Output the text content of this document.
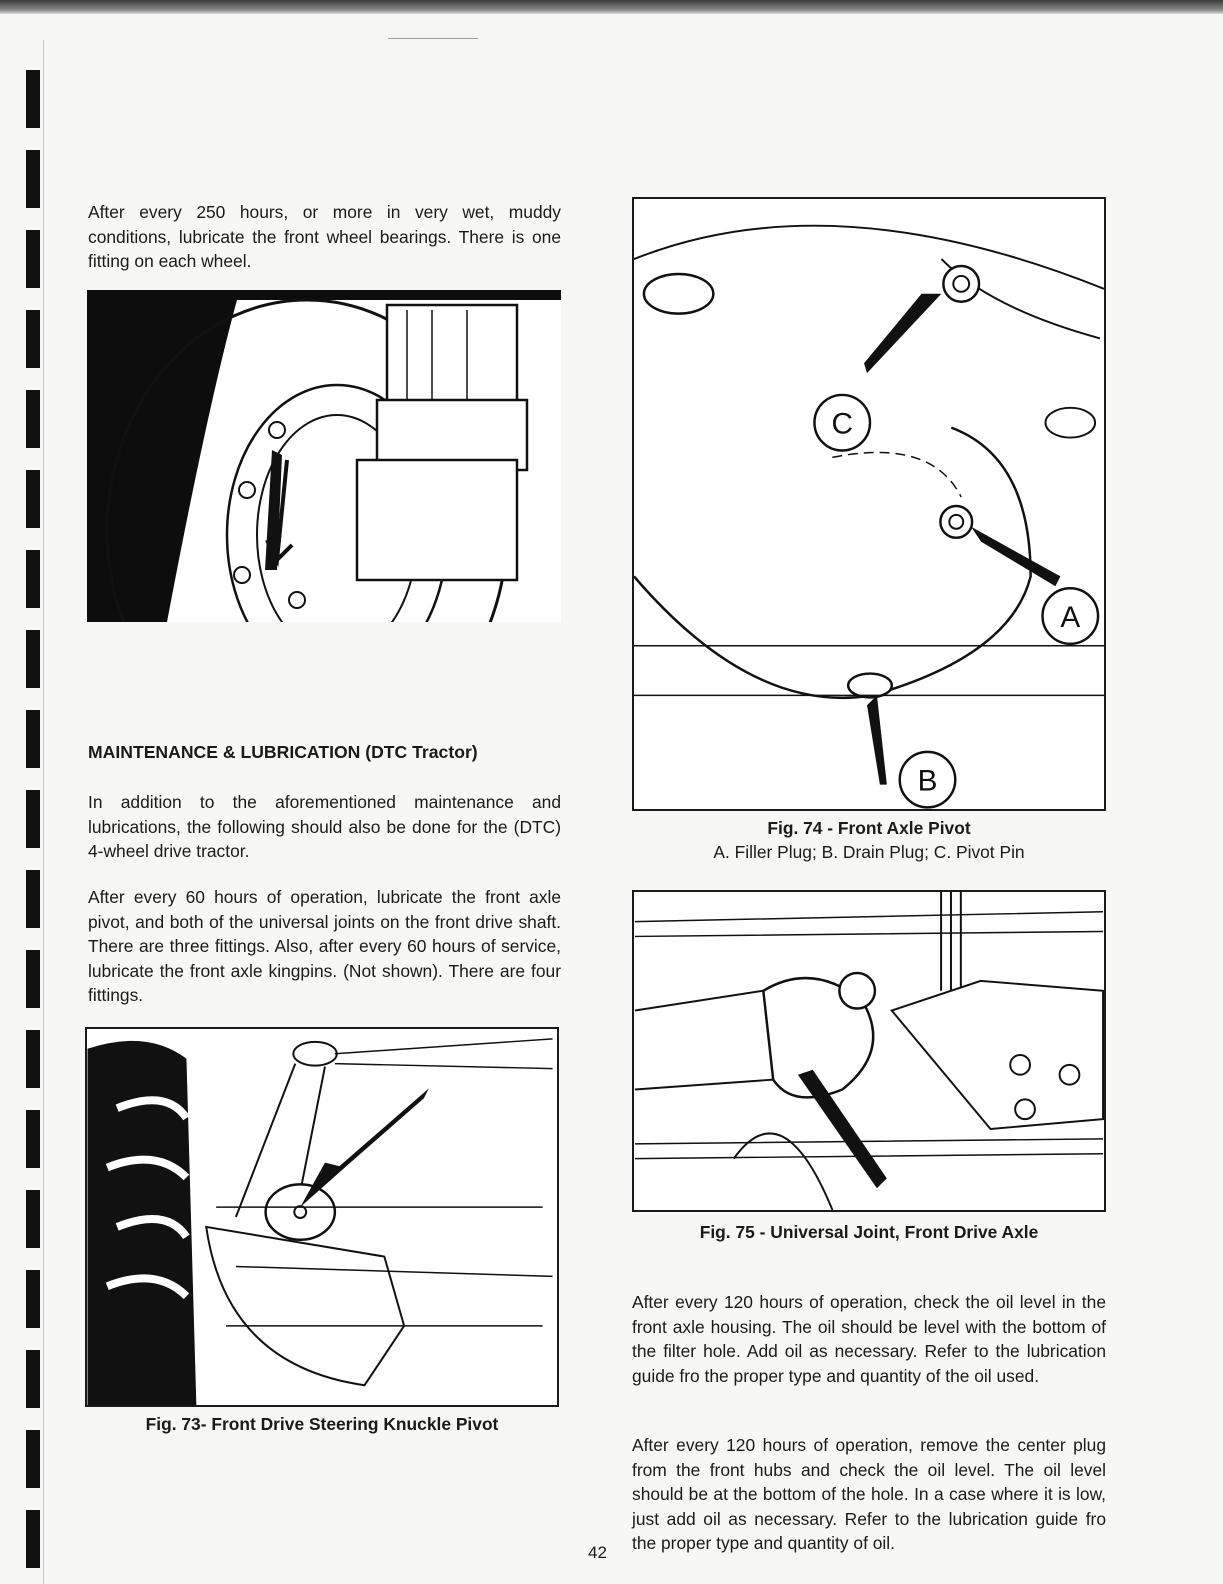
After every 250 hours, or more in very wet, muddy conditions, lubricate the front wheel bearings. There is one fitting on each wheel.

MAINTENANCE & LUBRICATION (DTC Tractor)

In addition to the aforementioned maintenance and lubrications, the following should also be done for the (DTC) 4-wheel drive tractor.

After every 60 hours of operation, lubricate the front axle pivot, and both of the universal joints on the front drive shaft. There are three fittings. Also, after every 60 hours of service, lubricate the front axle kingpins. (Not shown). There are four fittings.

Fig. 73- Front Drive Steering Knuckle Pivot

C
A
B

Fig. 74 - Front Axle Pivot
A. Filler Plug; B. Drain Plug; C. Pivot Pin

Fig. 75 - Universal Joint, Front Drive Axle

After every 120 hours of operation, check the oil level in the front axle housing. The oil should be level with the bottom of the filter hole. Add oil as necessary. Refer to the lubrication guide fro the proper type and quantity of the oil used.

After every 120 hours of operation, remove the center plug from the front hubs and check the oil level. The oil level should be at the bottom of the hole. In a case where it is low, just add oil as necessary. Refer to the lubrication guide fro the proper type and quantity of oil.

42
